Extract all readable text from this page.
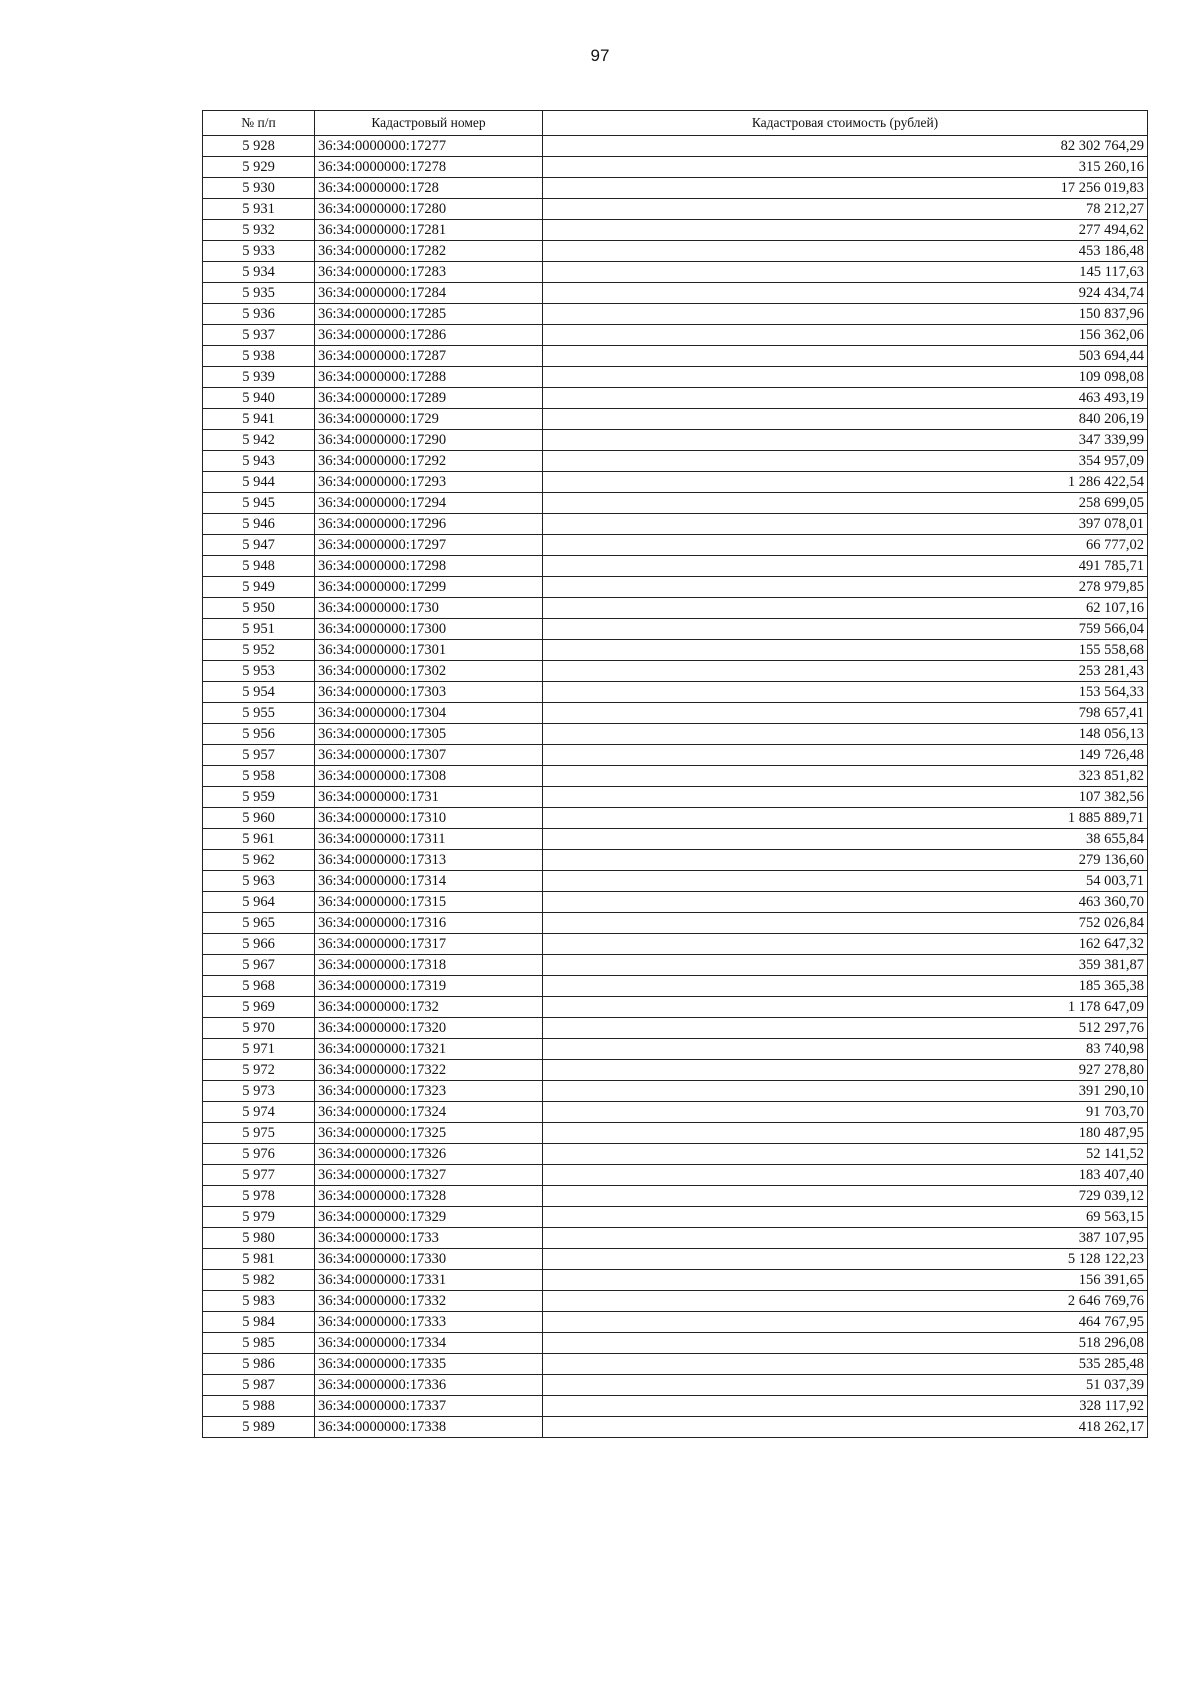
97
№ п/п	Кадастровый номер	Кадастровая стоимость (рублей)
5 928	36:34:0000000:17277	82 302 764,29
5 929	36:34:0000000:17278	315 260,16
5 930	36:34:0000000:1728	17 256 019,83
5 931	36:34:0000000:17280	78 212,27
5 932	36:34:0000000:17281	277 494,62
5 933	36:34:0000000:17282	453 186,48
5 934	36:34:0000000:17283	145 117,63
5 935	36:34:0000000:17284	924 434,74
5 936	36:34:0000000:17285	150 837,96
5 937	36:34:0000000:17286	156 362,06
5 938	36:34:0000000:17287	503 694,44
5 939	36:34:0000000:17288	109 098,08
5 940	36:34:0000000:17289	463 493,19
5 941	36:34:0000000:1729	840 206,19
5 942	36:34:0000000:17290	347 339,99
5 943	36:34:0000000:17292	354 957,09
5 944	36:34:0000000:17293	1 286 422,54
5 945	36:34:0000000:17294	258 699,05
5 946	36:34:0000000:17296	397 078,01
5 947	36:34:0000000:17297	66 777,02
5 948	36:34:0000000:17298	491 785,71
5 949	36:34:0000000:17299	278 979,85
5 950	36:34:0000000:1730	62 107,16
5 951	36:34:0000000:17300	759 566,04
5 952	36:34:0000000:17301	155 558,68
5 953	36:34:0000000:17302	253 281,43
5 954	36:34:0000000:17303	153 564,33
5 955	36:34:0000000:17304	798 657,41
5 956	36:34:0000000:17305	148 056,13
5 957	36:34:0000000:17307	149 726,48
5 958	36:34:0000000:17308	323 851,82
5 959	36:34:0000000:1731	107 382,56
5 960	36:34:0000000:17310	1 885 889,71
5 961	36:34:0000000:17311	38 655,84
5 962	36:34:0000000:17313	279 136,60
5 963	36:34:0000000:17314	54 003,71
5 964	36:34:0000000:17315	463 360,70
5 965	36:34:0000000:17316	752 026,84
5 966	36:34:0000000:17317	162 647,32
5 967	36:34:0000000:17318	359 381,87
5 968	36:34:0000000:17319	185 365,38
5 969	36:34:0000000:1732	1 178 647,09
5 970	36:34:0000000:17320	512 297,76
5 971	36:34:0000000:17321	83 740,98
5 972	36:34:0000000:17322	927 278,80
5 973	36:34:0000000:17323	391 290,10
5 974	36:34:0000000:17324	91 703,70
5 975	36:34:0000000:17325	180 487,95
5 976	36:34:0000000:17326	52 141,52
5 977	36:34:0000000:17327	183 407,40
5 978	36:34:0000000:17328	729 039,12
5 979	36:34:0000000:17329	69 563,15
5 980	36:34:0000000:1733	387 107,95
5 981	36:34:0000000:17330	5 128 122,23
5 982	36:34:0000000:17331	156 391,65
5 983	36:34:0000000:17332	2 646 769,76
5 984	36:34:0000000:17333	464 767,95
5 985	36:34:0000000:17334	518 296,08
5 986	36:34:0000000:17335	535 285,48
5 987	36:34:0000000:17336	51 037,39
5 988	36:34:0000000:17337	328 117,92
5 989	36:34:0000000:17338	418 262,17
